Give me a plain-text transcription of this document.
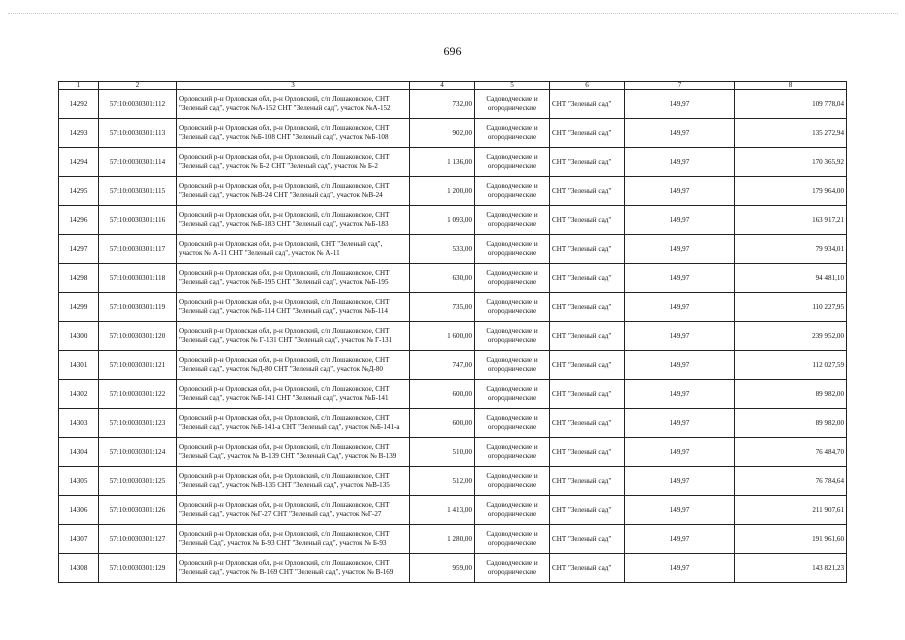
696
1	2	3	4	5	6	7	8
14292	57:10:0030301:112	Орловский р-н Орловская обл, р-н Орловский, с/п Лошаковское, СНТ "Зеленый сад", участок №А-152 СНТ "Зеленый сад", участок №А-152	732,00	Садоводческие и огороднические	СНТ "Зеленый сад"	149,97	109 778,04
14293	57:10:0030301:113	Орловский р-н Орловская обл, р-н Орловский, с/п Лошаковское, СНТ "Зеленый сад", участок №Б-108 СНТ "Зеленый сад", участок №Б-108	902,00	Садоводческие и огороднические	СНТ "Зеленый сад"	149,97	135 272,94
14294	57:10:0030301:114	Орловский р-н Орловская обл, р-н Орловский, с/п Лошаковское, СНТ "Зеленый сад", участок № Б-2 СНТ "Зеленый сад", участок № Б-2	1 136,00	Садоводческие и огороднические	СНТ "Зеленый сад"	149,97	170 365,92
14295	57:10:0030301:115	Орловский р-н Орловская обл, р-н Орловский, с/п Лошаковское, СНТ "Зеленый сад", участок №В-24 СНТ "Зеленый сад", участок №В-24	1 200,00	Садоводческие и огороднические	СНТ "Зеленый сад"	149,97	179 964,00
14296	57:10:0030301:116	Орловский р-н Орловская обл, р-н Орловский, с/п Лошаковское, СНТ "Зеленый сад", участок №Б-183 СНТ "Зеленый сад", участок №Б-183	1 093,00	Садоводческие и огороднические	СНТ "Зеленый сад"	149,97	163 917,21
14297	57:10:0030301:117	Орловский р-н Орловская обл, р-н Орловский, СНТ "Зеленый сад", участок № А-11 СНТ "Зеленый сад", участок № А-11	533,00	Садоводческие и огороднические	СНТ "Зеленый сад"	149,97	79 934,01
14298	57:10:0030301:118	Орловский р-н Орловская обл, р-н Орловский, с/п Лошаковское, СНТ "Зеленый сад", участок №Б-195 СНТ "Зеленый сад", участок №Б-195	630,00	Садоводческие и огороднические	СНТ "Зеленый сад"	149,97	94 481,10
14299	57:10:0030301:119	Орловский р-н Орловская обл, р-н Орловский, с/п Лошаковское, СНТ "Зеленый сад", участок №Б-114 СНТ "Зеленый сад", участок №Б-114	735,00	Садоводческие и огороднические	СНТ "Зеленый сад"	149,97	110 227,95
14300	57:10:0030301:120	Орловский р-н Орловская обл, р-н Орловский, с/п Лошаковское, СНТ "Зеленый сад", участок № Г-131 СНТ "Зеленый сад", участок № Г-131	1 600,00	Садоводческие и огороднические	СНТ "Зеленый сад"	149,97	239 952,00
14301	57:10:0030301:121	Орловский р-н Орловская обл, р-н Орловский, с/п Лошаковское, СНТ "Зеленый сад", участок №Д-80 СНТ "Зеленый сад", участок №Д-80	747,00	Садоводческие и огороднические	СНТ "Зеленый сад"	149,97	112 027,59
14302	57:10:0030301:122	Орловский р-н Орловская обл, р-н Орловский, с/п Лошаковское, СНТ "Зеленый сад", участок №Б-141 СНТ "Зеленый сад", участок №Б-141	600,00	Садоводческие и огороднические	СНТ "Зеленый сад"	149,97	89 982,00
14303	57:10:0030301:123	Орловский р-н Орловская обл, р-н Орловский, с/п Лошаковское, СНТ "Зеленый сад", участок №Б-141-а СНТ "Зеленый сад", участок №Б-141-а	600,00	Садоводческие и огороднические	СНТ "Зеленый сад"	149,97	89 982,00
14304	57:10:0030301:124	Орловский р-н Орловская обл, р-н Орловский, с/п Лошаковское, СНТ "Зеленый Сад", участок № В-139 СНТ "Зеленый Сад", участок № В-139	510,00	Садоводческие и огороднические	СНТ "Зеленый сад"	149,97	76 484,70
14305	57:10:0030301:125	Орловский р-н Орловская обл, р-н Орловский, с/п Лошаковское, СНТ "Зеленый сад", участок №В-135 СНТ "Зеленый сад", участок №В-135	512,00	Садоводческие и огороднические	СНТ "Зеленый сад"	149,97	76 784,64
14306	57:10:0030301:126	Орловский р-н Орловская обл, р-н Орловский, с/п Лошаковское, СНТ "Зеленый сад", участок №Г-27 СНТ "Зеленый сад", участок №Г-27	1 413,00	Садоводческие и огороднические	СНТ "Зеленый сад"	149,97	211 907,61
14307	57:10:0030301:127	Орловский р-н Орловская обл, р-н Орловский, с/п Лошаковское, СНТ "Зеленый Сад", участок № Б-93 СНТ "Зеленый сад", участок № Б-93	1 280,00	Садоводческие и огороднические	СНТ "Зеленый сад"	149,97	191 961,60
14308	57:10:0030301:129	Орловский р-н Орловская обл, р-н Орловский, с/п Лошаковское, СНТ "Зеленый сад", участок № В-169 СНТ "Зеленый сад", участок № В-169	959,00	Садоводческие и огороднические	СНТ "Зеленый сад"	149,97	143 821,23
